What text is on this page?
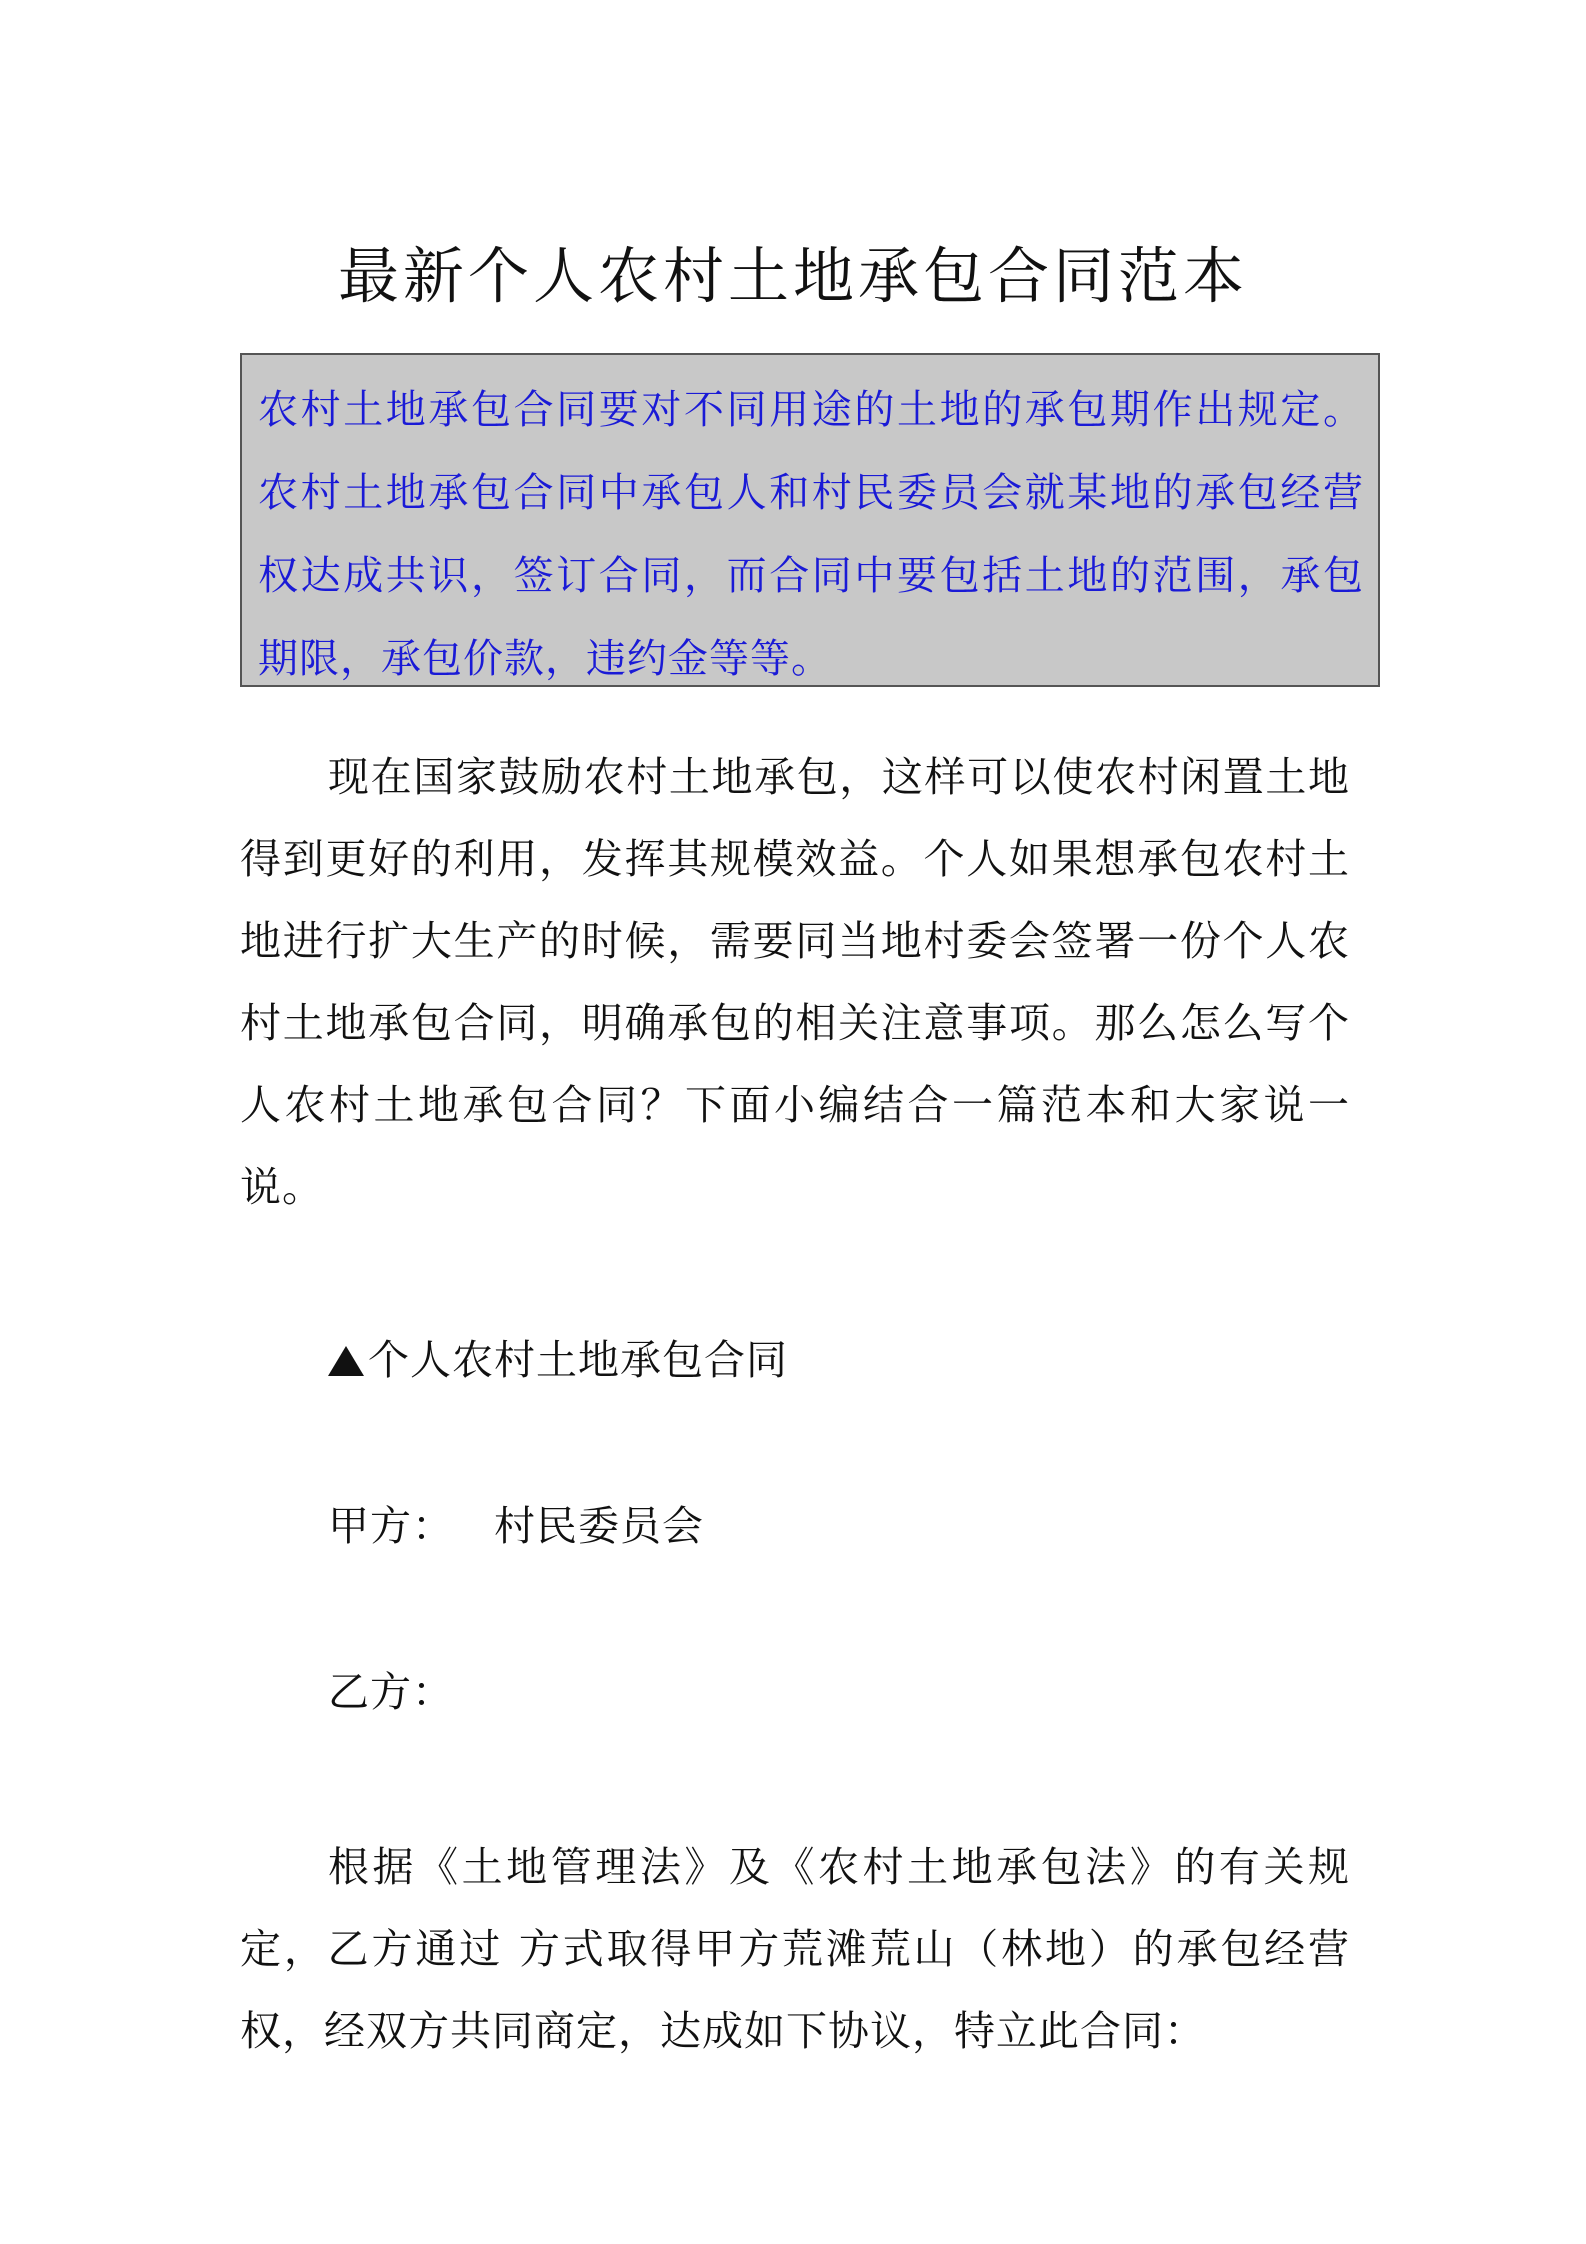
最新个人农村土地承包合同范本

农村土地承包合同要对不同用途的土地的承包期作出规定。农村土地承包合同中承包人和村民委员会就某地的承包经营权达成共识，签订合同，而合同中要包括土地的范围，承包期限，承包价款，违约金等等。

现在国家鼓励农村土地承包，这样可以使农村闲置土地得到更好的利用，发挥其规模效益。个人如果想承包农村土地进行扩大生产的时候，需要同当地村委会签署一份个人农村土地承包合同，明确承包的相关注意事项。那么怎么写个人农村土地承包合同？下面小编结合一篇范本和大家说一说。

个人农村土地承包合同
甲方： 村民委员会
乙方：

根据《土地管理法》及《农村土地承包法》的有关规定，乙方通过 方式取得甲方荒滩荒山（林地）的承包经营权，经双方共同商定，达成如下协议，特立此合同：
